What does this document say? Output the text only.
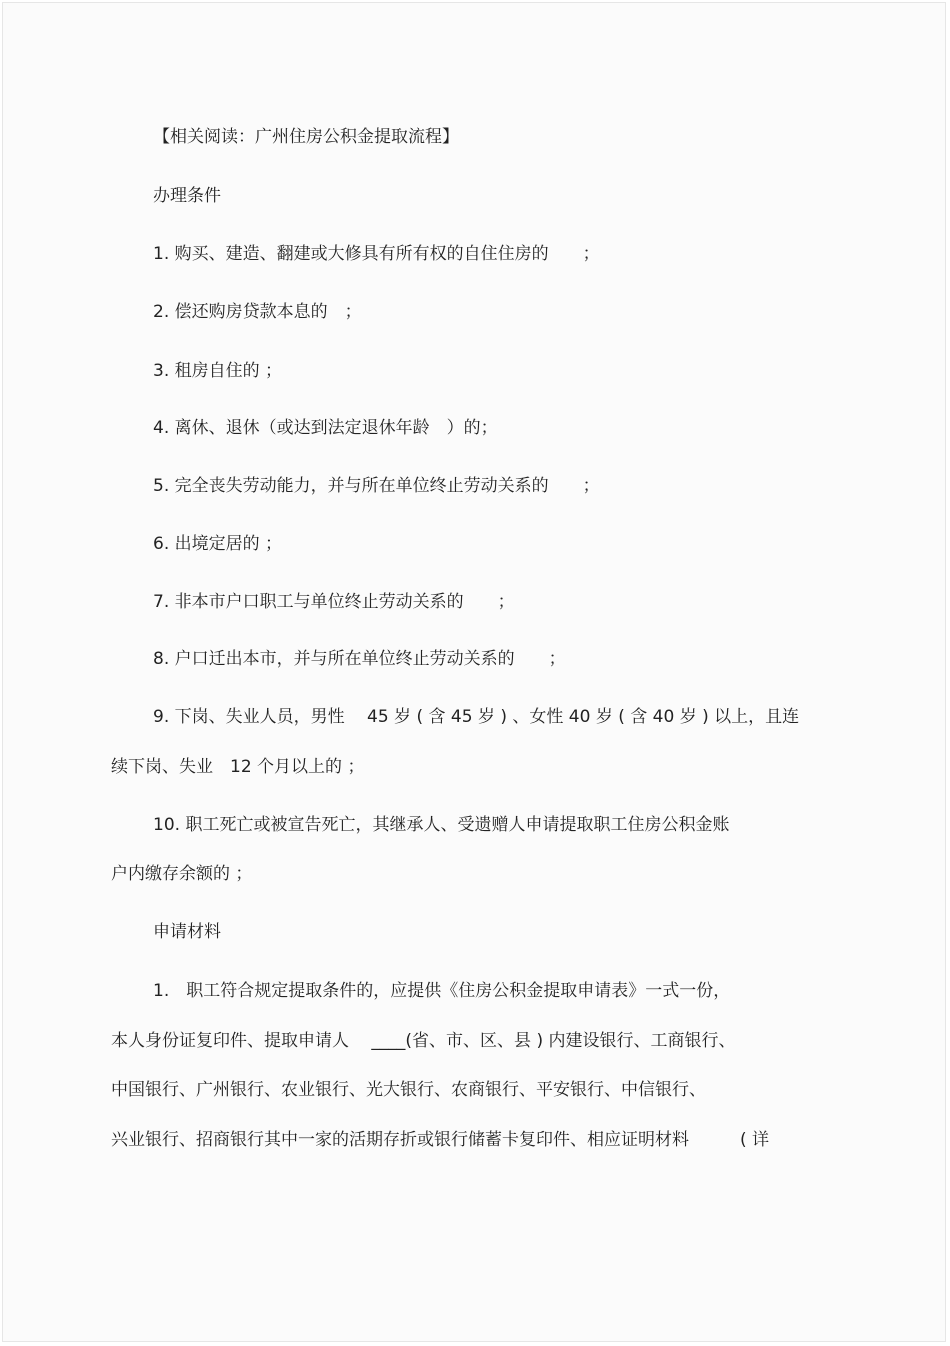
【相关阅读：广州住房公积金提取流程】
办理条件
1. 购买、建造、翻建或大修具有所有权的自住住房的　　；
2. 偿还购房贷款本息的　；
3. 租房自住的 ；
4. 离休、退休（或达到法定退休年龄　）的；
5. 完全丧失劳动能力，并与所在单位终止劳动关系的　　；
6. 出境定居的 ；
7. 非本市户口职工与单位终止劳动关系的　　；
8. 户口迁出本市，并与所在单位终止劳动关系的　　；
9. 下岗、失业人员，男性　 45 岁 ( 含 45 岁 ) 、女性 40 岁 ( 含 40 岁 ) 以上，且连
续下岗、失业　12 个月以上的 ；
10. 职工死亡或被宣告死亡，其继承人、受遗赠人申请提取职工住房公积金账
户内缴存余额的 ；
申请材料
1.　职工符合规定提取条件的，应提供《住房公积金提取申请表》一式一份，
本人身份证复印件、提取申请人　 ____(省、市、区、县 ) 内建设银行、工商银行、
中国银行、广州银行、农业银行、光大银行、农商银行、平安银行、中信银行、
兴业银行、招商银行其中一家的活期存折或银行储蓄卡复印件、相应证明材料　　　( 详
